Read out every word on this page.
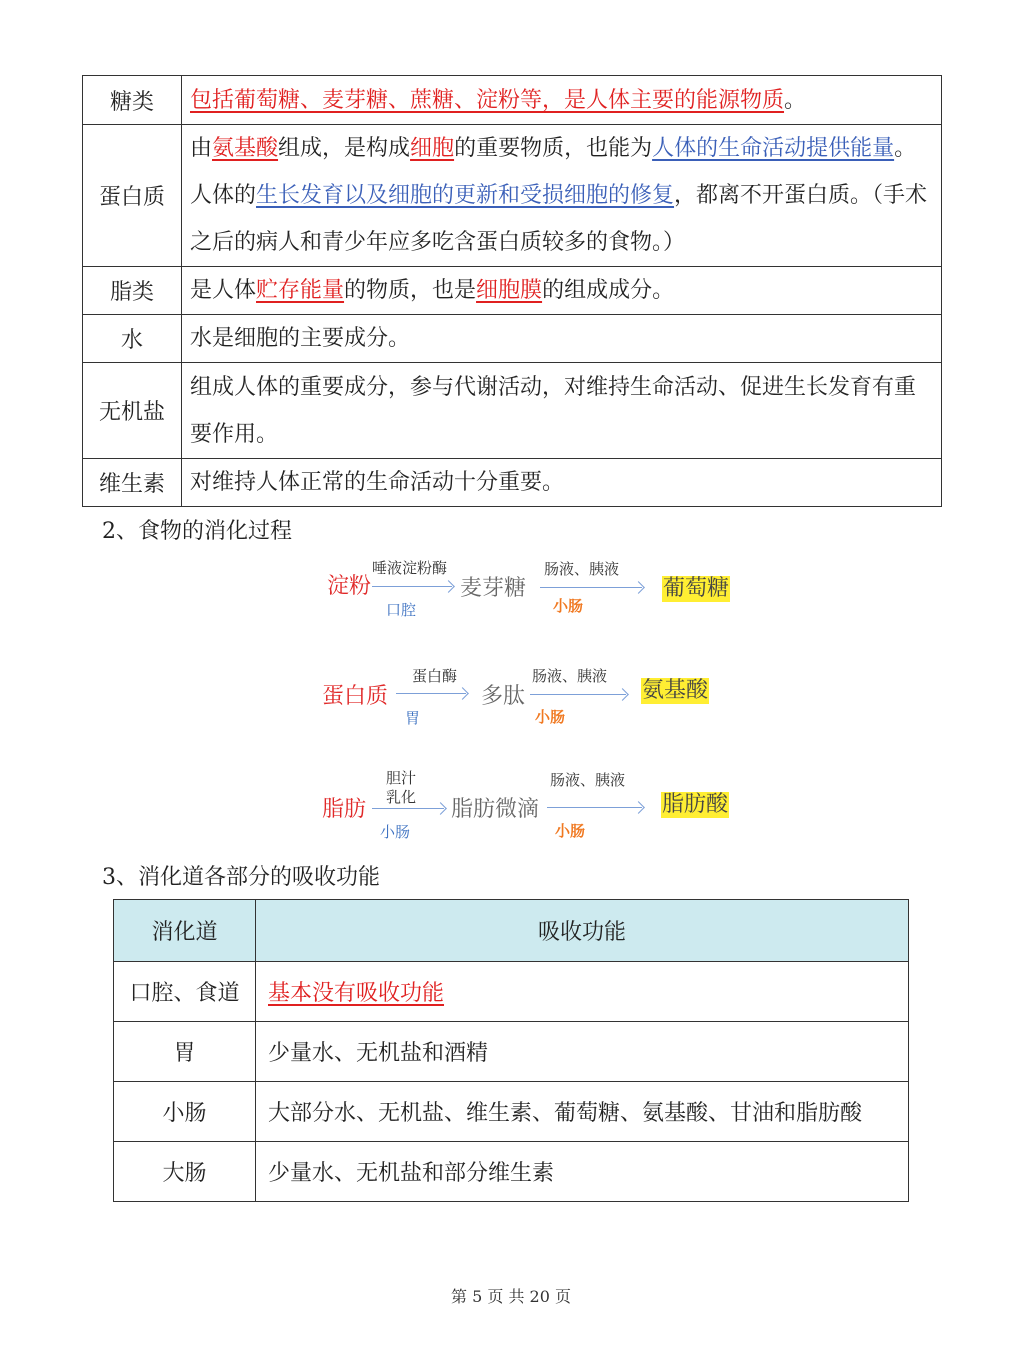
糖类	包括葡萄糖、麦芽糖、蔗糖、淀粉等，是人体主要的能源物质。
蛋白质	由氨基酸组成，是构成细胞的重要物质，也能为人体的生命活动提供能量。人体的生长发育以及细胞的更新和受损细胞的修复，都离不开蛋白质。（手术之后的病人和青少年应多吃含蛋白质较多的食物。）
脂类	是人体贮存能量的物质，也是细胞膜的组成成分。
水	水是细胞的主要成分。
无机盐	组成人体的重要成分，参与代谢活动，对维持生命活动、促进生长发育有重要作用。
维生素	对维持人体正常的生命活动十分重要。
2、食物的消化过程
淀粉
唾液淀粉酶
口腔
麦芽糖
肠液、胰液
小肠
葡萄糖
蛋白质
蛋白酶
胃
多肽
肠液、胰液
小肠
氨基酸
脂肪
胆汁
乳化
小肠
脂肪微滴
肠液、胰液
小肠
脂肪酸
3、消化道各部分的吸收功能
消化道	吸收功能
口腔、食道	基本没有吸收功能
胃	少量水、无机盐和酒精
小肠	大部分水、无机盐、维生素、葡萄糖、氨基酸、甘油和脂肪酸
大肠	少量水、无机盐和部分维生素
第 5 页 共 20 页
